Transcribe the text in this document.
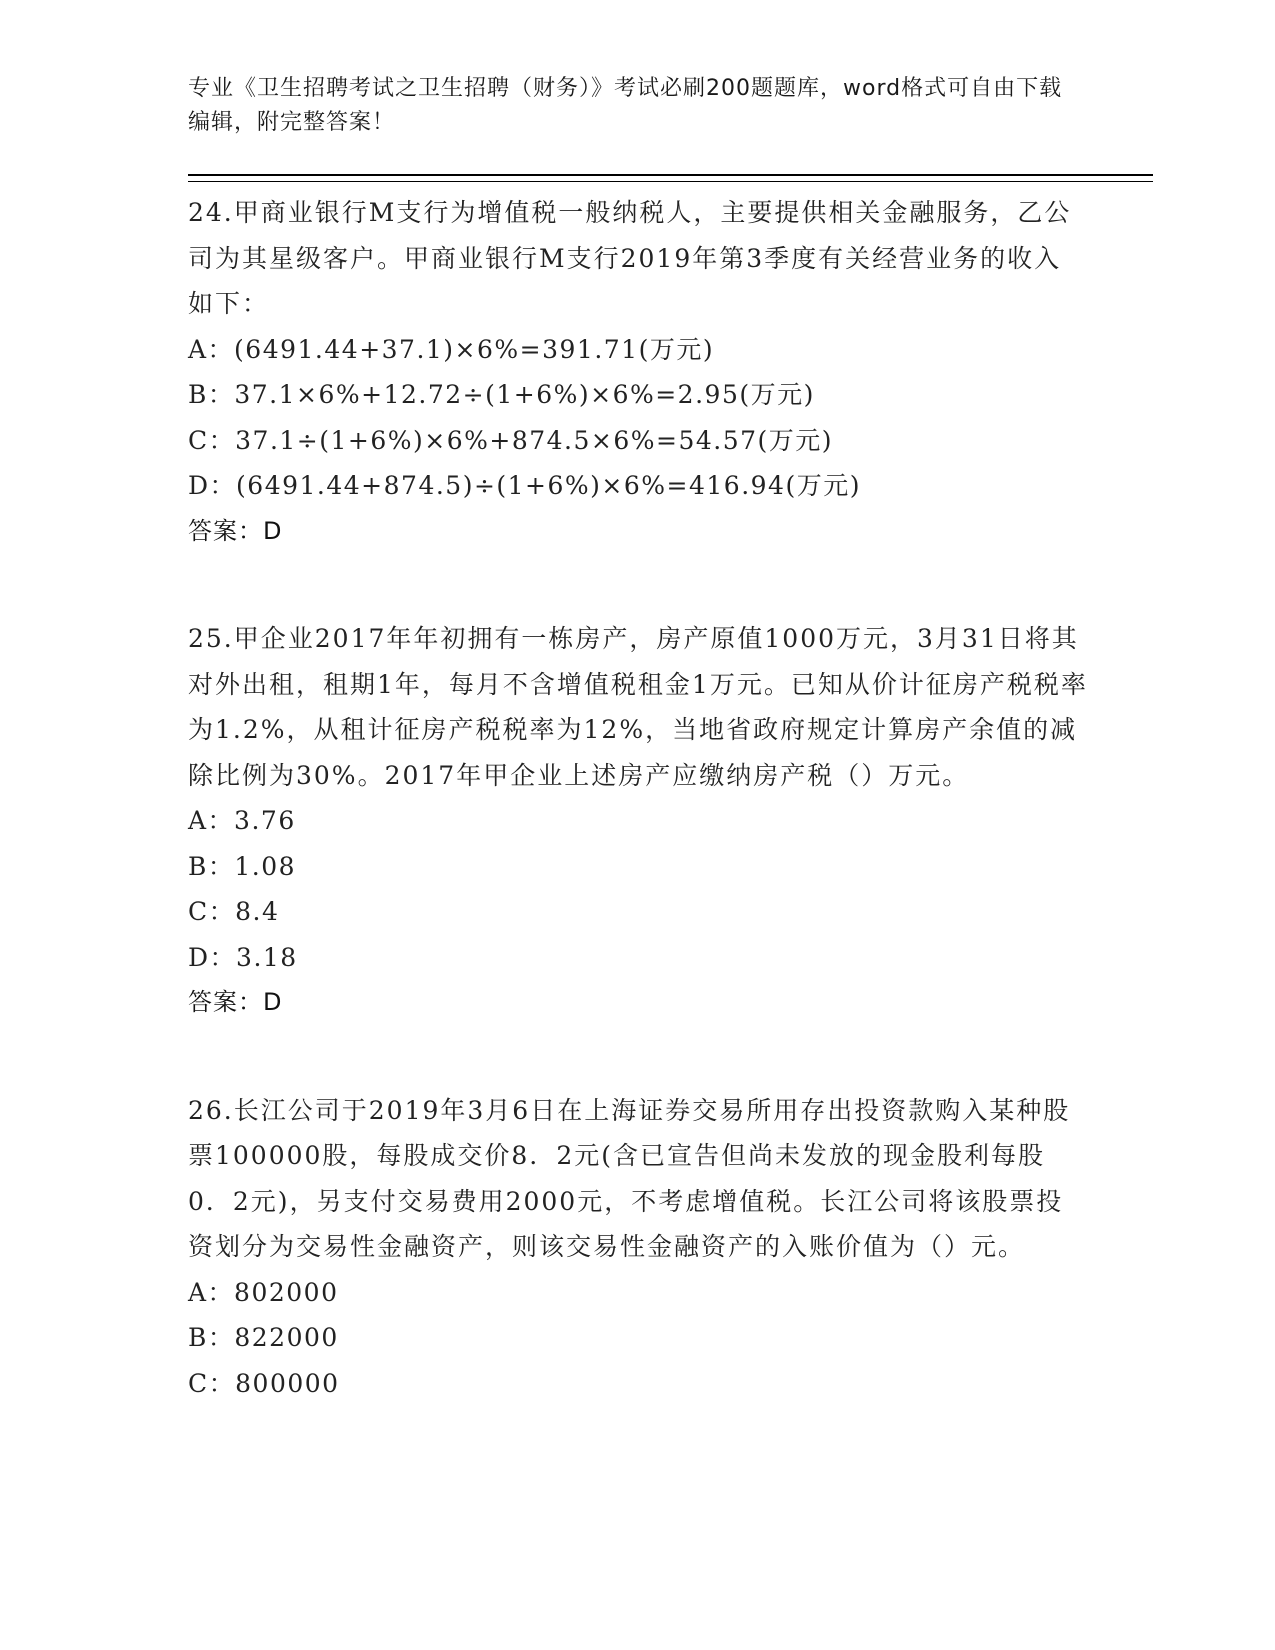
专业《卫生招聘考试之卫生招聘（财务）》考试必刷200题题库，word格式可自由下载编辑，附完整答案！

24.甲商业银行M支行为增值税一般纳税人，主要提供相关金融服务，乙公司为其星级客户。甲商业银行M支行2019年第3季度有关经营业务的收入如下：

A：(6491.44+37.1)×6%=391.71(万元)

B：37.1×6%+12.72÷(1+6%)×6%=2.95(万元)

C：37.1÷(1+6%)×6%+874.5×6%=54.57(万元)

D：(6491.44+874.5)÷(1+6%)×6%=416.94(万元)

答案：D

25.甲企业2017年年初拥有一栋房产，房产原值1000万元，3月31日将其对外出租，租期1年，每月不含增值税租金1万元。已知从价计征房产税税率为1.2%，从租计征房产税税率为12%，当地省政府规定计算房产余值的减除比例为30%。2017年甲企业上述房产应缴纳房产税（）万元。

A：3.76

B：1.08

C：8.4

D：3.18

答案：D

26.长江公司于2019年3月6日在上海证券交易所用存出投资款购入某种股票100000股，每股成交价8．2元(含已宣告但尚未发放的现金股利每股0．2元)，另支付交易费用2000元，不考虑增值税。长江公司将该股票投资划分为交易性金融资产，则该交易性金融资产的入账价值为（）元。

A：802000

B：822000

C：800000
